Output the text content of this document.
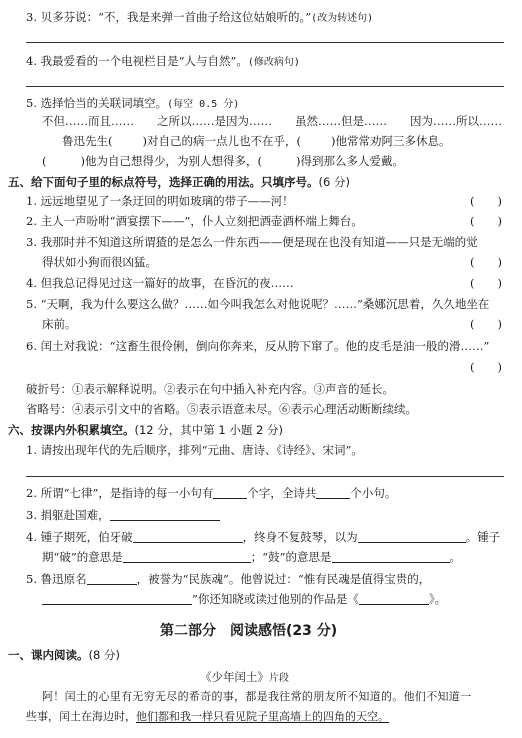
3. 贝多芬说：“不，我是来弹一首曲子给这位姑娘听的。”(改为转述句)
4. 我最爱看的一个电视栏目是“人与自然”。(修改病句)
5. 选择恰当的关联词填空。(每空 0.5 分)
不但……而且……　　之所以……是因为……　　虽然……但是……　　因为……所以……
鲁迅先生(	)对自己的病一点儿也不在乎，(	)他常常劝阿三多休息。
(	)他为自己想得少，为别人想得多，(	)得到那么多人爱戴。
五、给下面句子里的标点符号，选择正确的用法。只填序号。(6 分)
1. 远远地望见了一条迂回的明如玻璃的带子——河！	(　　)
2. 主人一声吩咐“酒宴摆下——”，仆人立刻把酒壶酒杯端上舞台。	(　　)
3. 我那时并不知道这所谓猹的是怎么一件东西——便是现在也没有知道——只是无端的觉
得状如小狗而很凶猛。	(　　)
4. 但我总记得见过这一篇好的故事，在昏沉的夜……	(　　)
5. “天啊，我为什么要这么做？……如今叫我怎么对他说呢？……”桑娜沉思着，久久地坐在
床前。	(　　)
6. 闰土对我说：“这畜生很伶俐，倒向你奔来，反从胯下窜了。他的皮毛是油一般的滑……”
(　　)
破折号：①表示解释说明。②表示在句中插入补充内容。③声音的延长。
省略号：④表示引文中的省略。⑤表示语意未尽。⑥表示心理活动断断续续。
六、按课内外积累填空。(12 分，其中第 1 小题 2 分)
1. 请按出现年代的先后顺序，排列“元曲、唐诗、《诗经》、宋词”。
2. 所谓“七律”，是指诗的每一小句有	个字，全诗共	个小句。
3. 捐躯赴国难，
4. 锺子期死，伯牙破	，终身不复鼓琴，以为	。锺子
期“破”的意思是	；“鼓”的意思是	。
5. 鲁迅原名	，被誉为“民族魂”。他曾说过：“惟有民魂是值得宝贵的，
”你还知晓或读过他别的作品是《	》。
第二部分　阅读感悟(23 分)
一、课内阅读。(8 分)
《少年闰土》片段
阿！闰土的心里有无穷无尽的希奇的事，都是我往常的朋友所不知道的。他们不知道一
些事，闰土在海边时，他们都和我一样只看见院子里高墙上的四角的天空。
